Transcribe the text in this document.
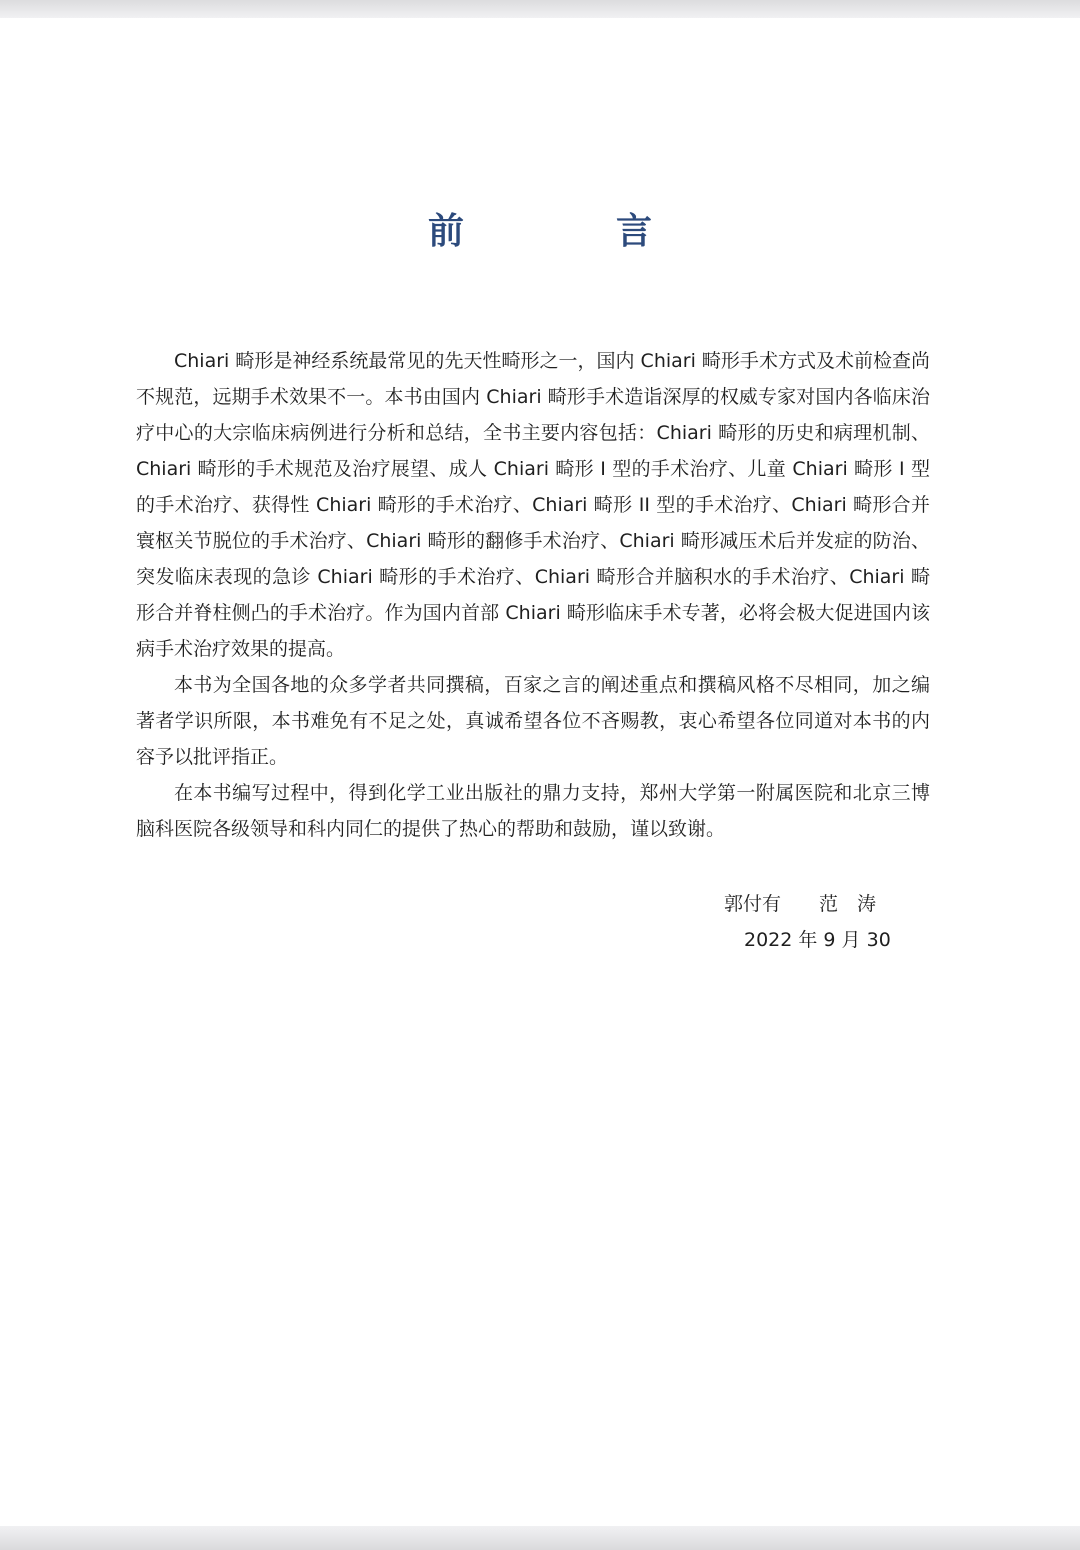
前　言

Chiari 畸形是神经系统最常见的先天性畸形之一，国内 Chiari 畸形手术方式及术前检查尚不规范，远期手术效果不一。本书由国内 Chiari 畸形手术造诣深厚的权威专家对国内各临床治疗中心的大宗临床病例进行分析和总结，全书主要内容包括：Chiari 畸形的历史和病理机制、Chiari 畸形的手术规范及治疗展望、成人 Chiari 畸形 I 型的手术治疗、儿童 Chiari 畸形 I 型的手术治疗、获得性 Chiari 畸形的手术治疗、Chiari 畸形 II 型的手术治疗、Chiari 畸形合并寰枢关节脱位的手术治疗、Chiari 畸形的翻修手术治疗、Chiari 畸形减压术后并发症的防治、突发临床表现的急诊 Chiari 畸形的手术治疗、Chiari 畸形合并脑积水的手术治疗、Chiari 畸形合并脊柱侧凸的手术治疗。作为国内首部 Chiari 畸形临床手术专著，必将会极大促进国内该病手术治疗效果的提高。

本书为全国各地的众多学者共同撰稿，百家之言的阐述重点和撰稿风格不尽相同，加之编著者学识所限，本书难免有不足之处，真诚希望各位不吝赐教，衷心希望各位同道对本书的内容予以批评指正。

在本书编写过程中，得到化学工业出版社的鼎力支持，郑州大学第一附属医院和北京三博脑科医院各级领导和科内同仁的提供了热心的帮助和鼓励，谨以致谢。

郭付有 范　涛

2022 年 9 月 30
